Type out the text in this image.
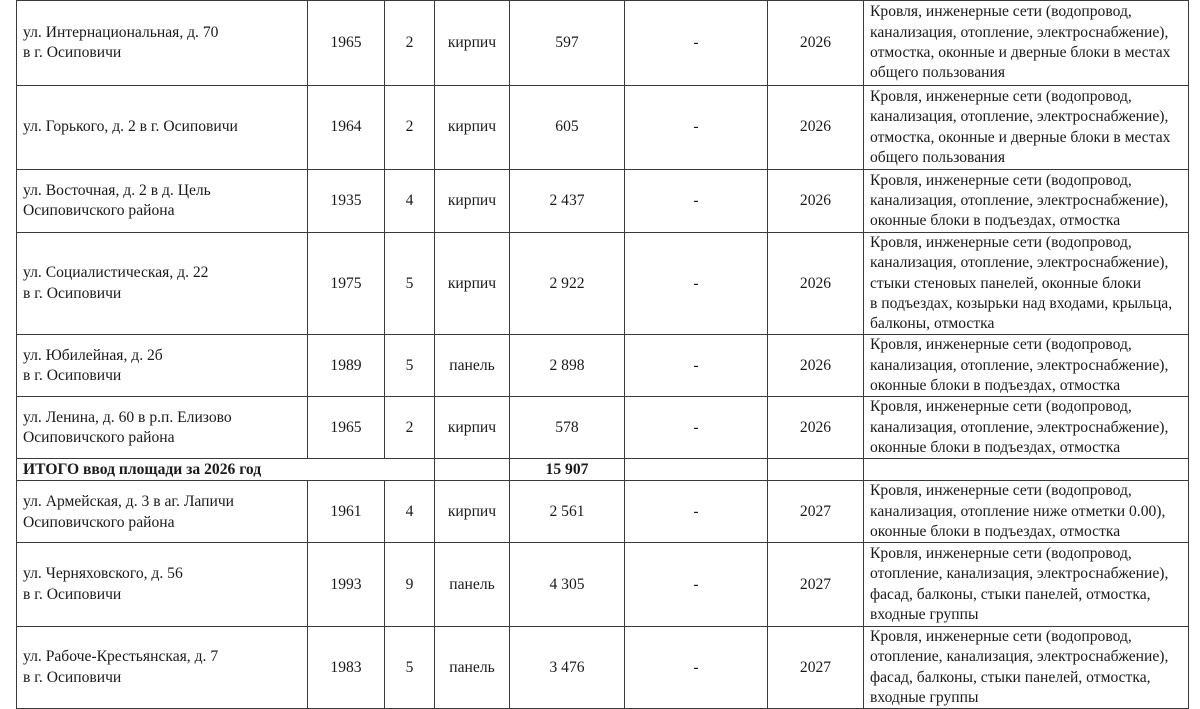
ул. Интернациональная, д. 70
в г. Осиповичи	1965	2	кирпич	597	-	2026	Кровля, инженерные сети (водопровод,
канализация, отопление, электроснабжение),
отмостка, оконные и дверные блоки в местах
общего пользования

ул. Горького, д. 2 в г. Осиповичи	1964	2	кирпич	605	-	2026	Кровля, инженерные сети (водопровод,
канализация, отопление, электроснабжение),
отмостка, оконные и дверные блоки в местах
общего пользования

ул. Восточная, д. 2 в д. Цель
Осиповичского района	1935	4	кирпич	2 437	-	2026	Кровля, инженерные сети (водопровод,
канализация, отопление, электроснабжение),
оконные блоки в подъездах, отмостка

ул. Социалистическая, д. 22
в г. Осиповичи	1975	5	кирпич	2 922	-	2026	Кровля, инженерные сети (водопровод,
канализация, отопление, электроснабжение),
стыки стеновых панелей, оконные блоки
в подъездах, козырьки над входами, крыльца,
балконы, отмостка

ул. Юбилейная, д. 2б
в г. Осиповичи	1989	5	панель	2 898	-	2026	Кровля, инженерные сети (водопровод,
канализация, отопление, электроснабжение),
оконные блоки в подъездах, отмостка

ул. Ленина, д. 60 в р.п. Елизово
Осиповичского района	1965	2	кирпич	578	-	2026	Кровля, инженерные сети (водопровод,
канализация, отопление, электроснабжение),
оконные блоки в подъездах, отмостка

ИТОГО ввод площади за 2026 год				15 907			

ул. Армейская, д. 3 в аг. Лапичи
Осиповичского района	1961	4	кирпич	2 561	-	2027	Кровля, инженерные сети (водопровод,
канализация, отопление ниже отметки 0.00),
оконные блоки в подъездах, отмостка

ул. Черняховского, д. 56
в г. Осиповичи	1993	9	панель	4 305	-	2027	Кровля, инженерные сети (водопровод,
отопление, канализация, электроснабжение),
фасад, балконы, стыки панелей, отмостка,
входные группы

ул. Рабоче-Крестьянская, д. 7
в г. Осиповичи	1983	5	панель	3 476	-	2027	Кровля, инженерные сети (водопровод,
отопление, канализация, электроснабжение),
фасад, балконы, стыки панелей, отмостка,
входные группы
